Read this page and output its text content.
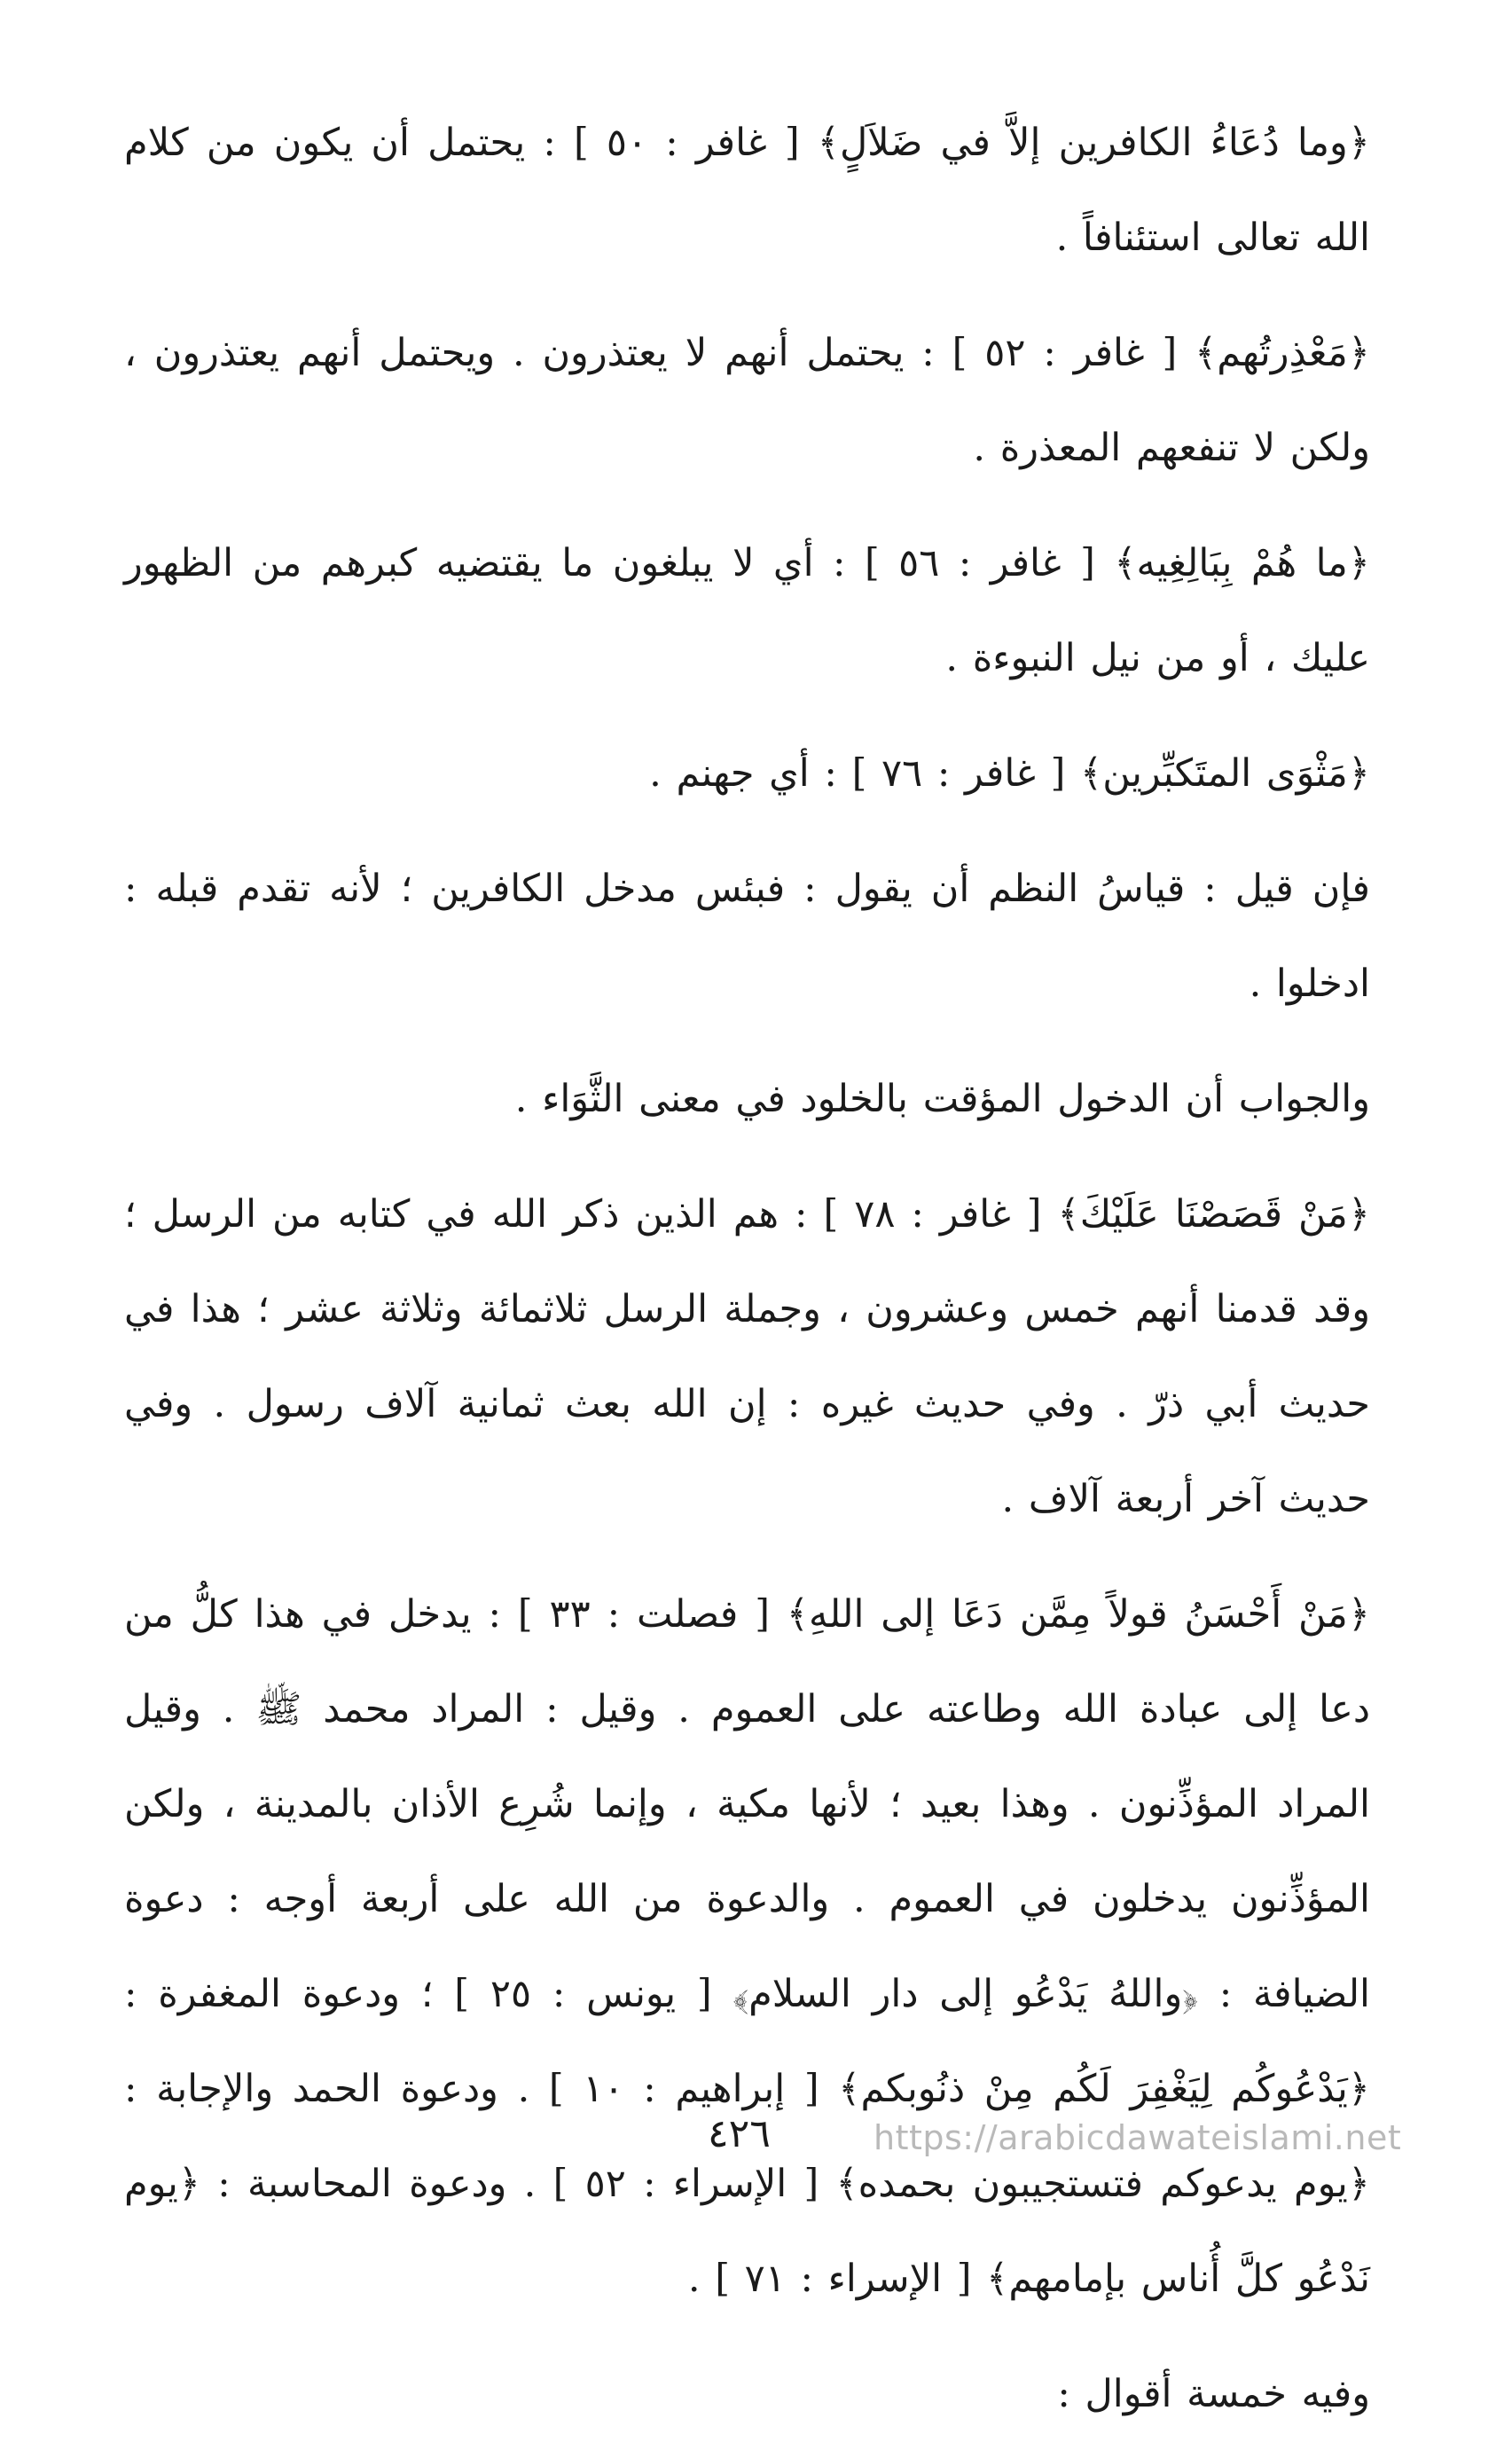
﴿وما دُعَاءُ الكافرين إلاَّ في ضَلاَلٍ﴾ [ غافر : ٥٠ ] : يحتمل أن يكون من كلام الله تعالى استئنافاً .

﴿مَعْذِرتُهم﴾ [ غافر : ٥٢ ] : يحتمل أنهم لا يعتذرون . ويحتمل أنهم يعتذرون ، ولكن لا تنفعهم المعذرة .

﴿ما هُمْ بِبَالِغِيه﴾ [ غافر : ٥٦ ] : أي لا يبلغون ما يقتضيه كبرهم من الظهور عليك ، أو من نيل النبوءة .

﴿مَثْوَى المتَكبِّرين﴾ [ غافر : ٧٦ ] : أي جهنم .

فإن قيل : قياسُ النظم أن يقول : فبئس مدخل الكافرين ؛ لأنه تقدم قبله : ادخلوا .

والجواب أن الدخول المؤقت بالخلود في معنى الثَّوَاء .

﴿مَنْ قَصَصْنَا عَلَيْكَ﴾ [ غافر : ٧٨ ] : هم الذين ذكر الله في كتابه من الرسل ؛ وقد قدمنا أنهم خمس وعشرون ، وجملة الرسل ثلاثمائة وثلاثة عشر ؛ هذا في حديث أبي ذرّ . وفي حديث غيره : إن الله بعث ثمانية آلاف رسول . وفي حديث آخر أربعة آلاف .

﴿مَنْ أَحْسَنُ قولاً مِمَّن دَعَا إلى اللهِ﴾ [ فصلت : ٣٣ ] : يدخل في هذا كلُّ من دعا إلى عبادة الله وطاعته على العموم . وقيل : المراد محمد ﷺ . وقيل المراد المؤذِّنون . وهذا بعيد ؛ لأنها مكية ، وإنما شُرِع الأذان بالمدينة ، ولكن المؤذِّنون يدخلون في العموم . والدعوة من الله على أربعة أوجه : دعوة الضيافة : ﴿واللهُ يَدْعُو إلى دار السلام﴾ [ يونس : ٢٥ ] ؛ ودعوة المغفرة : ﴿يَدْعُوكُم لِيَغْفِرَ لَكُم مِنْ ذنُوبكم﴾ [ إبراهيم : ١٠ ] . ودعوة الحمد والإجابة : ﴿يوم يدعوكم فتستجيبون بحمده﴾ [ الإسراء : ٥٢ ] . ودعوة المحاسبة : ﴿يوم نَدْعُو كلَّ أُناس بإمامهم﴾ [ الإسراء : ٧١ ] .

وفيه خمسة أقوال :

٤٢٦	https://arabicdawateislami.net
